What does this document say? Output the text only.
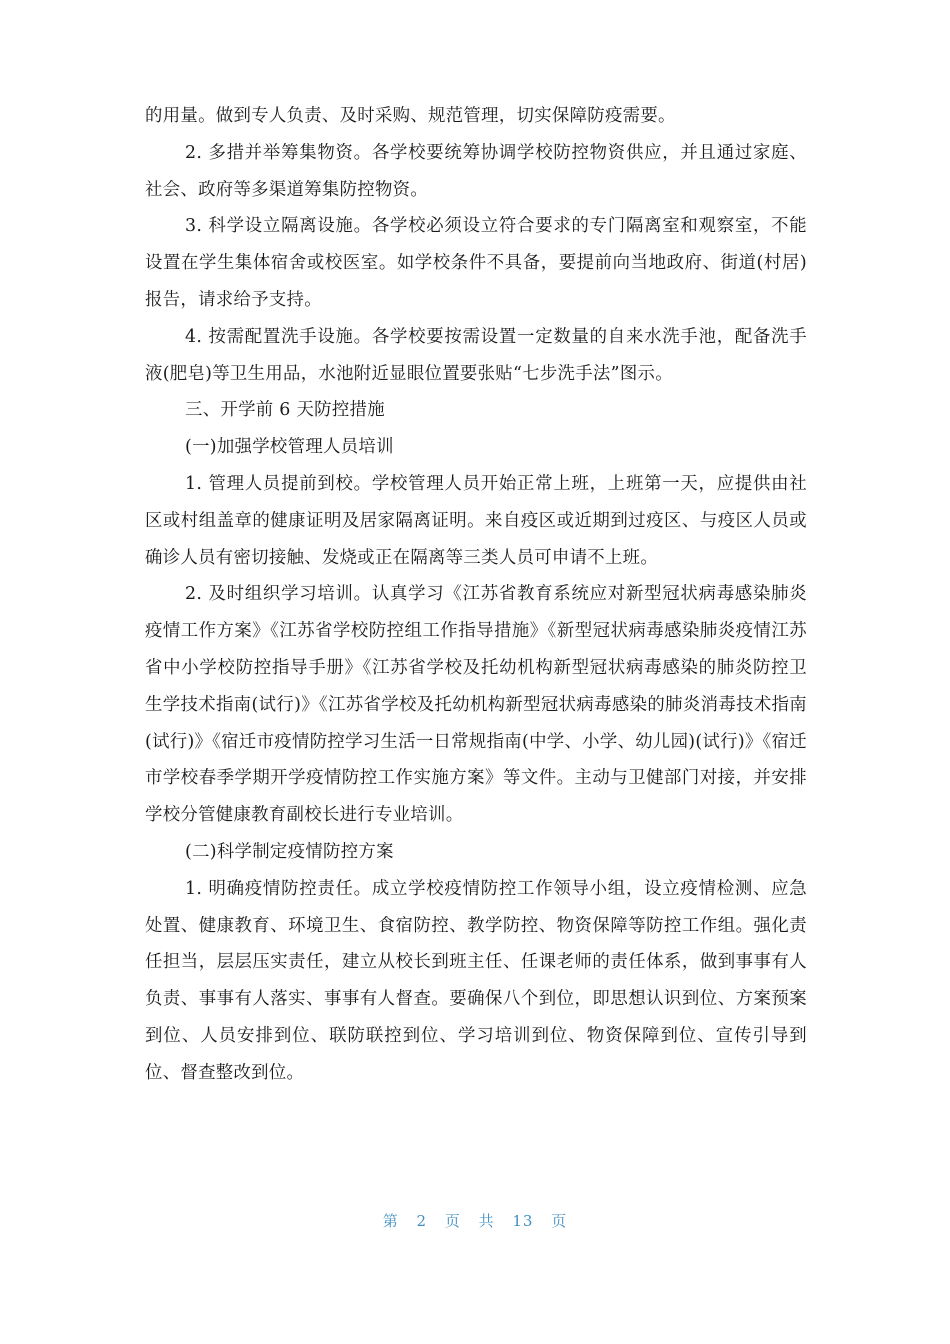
的用量。做到专人负责、及时采购、规范管理，切实保障防疫需要。

2. 多措并举筹集物资。各学校要统筹协调学校防控物资供应，并且通过家庭、社会、政府等多渠道筹集防控物资。

3. 科学设立隔离设施。各学校必须设立符合要求的专门隔离室和观察室，不能设置在学生集体宿舍或校医室。如学校条件不具备，要提前向当地政府、街道(村居)报告，请求给予支持。

4. 按需配置洗手设施。各学校要按需设置一定数量的自来水洗手池，配备洗手液(肥皂)等卫生用品，水池附近显眼位置要张贴“七步洗手法”图示。

三、开学前 6 天防控措施

(一)加强学校管理人员培训

1. 管理人员提前到校。学校管理人员开始正常上班，上班第一天，应提供由社区或村组盖章的健康证明及居家隔离证明。来自疫区或近期到过疫区、与疫区人员或确诊人员有密切接触、发烧或正在隔离等三类人员可申请不上班。

2. 及时组织学习培训。认真学习《江苏省教育系统应对新型冠状病毒感染肺炎疫情工作方案》《江苏省学校防控组工作指导措施》《新型冠状病毒感染肺炎疫情江苏省中小学校防控指导手册》《江苏省学校及托幼机构新型冠状病毒感染的肺炎防控卫生学技术指南(试行)》《江苏省学校及托幼机构新型冠状病毒感染的肺炎消毒技术指南(试行)》《宿迁市疫情防控学习生活一日常规指南(中学、小学、幼儿园)(试行)》《宿迁市学校春季学期开学疫情防控工作实施方案》等文件。主动与卫健部门对接，并安排学校分管健康教育副校长进行专业培训。

(二)科学制定疫情防控方案

1. 明确疫情防控责任。成立学校疫情防控工作领导小组，设立疫情检测、应急处置、健康教育、环境卫生、食宿防控、教学防控、物资保障等防控工作组。强化责任担当，层层压实责任，建立从校长到班主任、任课老师的责任体系，做到事事有人负责、事事有人落实、事事有人督查。要确保八个到位，即思想认识到位、方案预案到位、人员安排到位、联防联控到位、学习培训到位、物资保障到位、宣传引导到位、督查整改到位。

第 2 页 共 13 页
